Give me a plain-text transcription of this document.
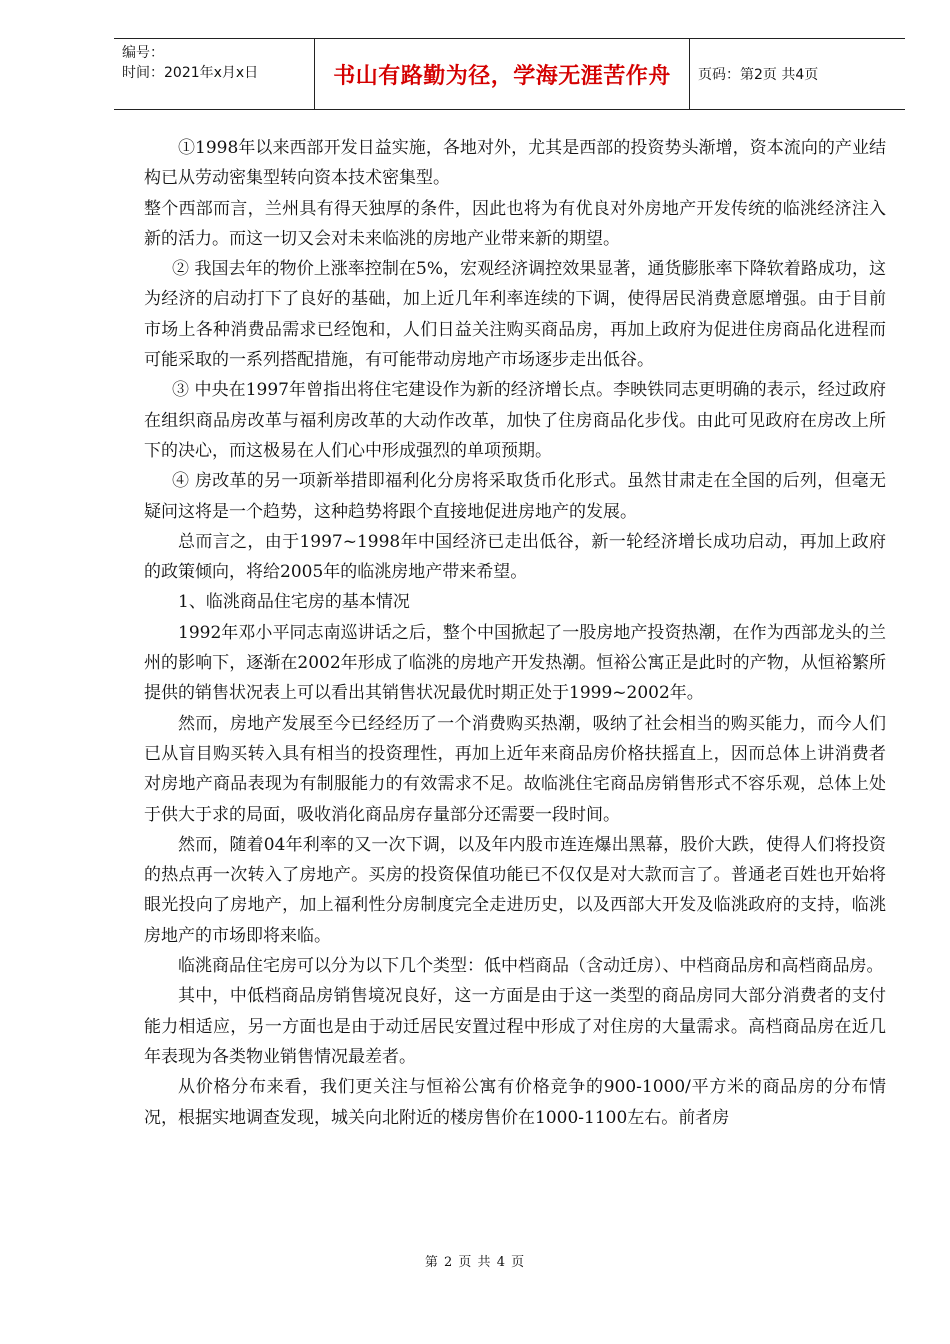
编号：
时间：2021年x月x日	书山有路勤为径，学海无涯苦作舟 页码：第2页 共4页

①1998年以来西部开发日益实施，各地对外，尤其是西部的投资势头渐增，资本流向的产业结构已从劳动密集型转向资本技术密集型。

整个西部而言，兰州具有得天独厚的条件，因此也将为有优良对外房地产开发传统的临洮经济注入新的活力。而这一切又会对未来临洮的房地产业带来新的期望。

② 我国去年的物价上涨率控制在5%，宏观经济调控效果显著，通货膨胀率下降软着路成功，这为经济的启动打下了良好的基础，加上近几年利率连续的下调，使得居民消费意愿增强。由于目前市场上各种消费品需求已经饱和，人们日益关注购买商品房，再加上政府为促进住房商品化进程而可能采取的一系列搭配措施，有可能带动房地产市场逐步走出低谷。

③ 中央在1997年曾指出将住宅建设作为新的经济增长点。李映铁同志更明确的表示，经过政府在组织商品房改革与福利房改革的大动作改革，加快了住房商品化步伐。由此可见政府在房改上所下的决心，而这极易在人们心中形成强烈的单项预期。

④ 房改革的另一项新举措即福利化分房将采取货币化形式。虽然甘肃走在全国的后列，但毫无疑问这将是一个趋势，这种趋势将跟个直接地促进房地产的发展。

总而言之，由于1997~1998年中国经济已走出低谷，新一轮经济增长成功启动，再加上政府的政策倾向，将给2005年的临洮房地产带来希望。

1、临洮商品住宅房的基本情况

1992年邓小平同志南巡讲话之后，整个中国掀起了一股房地产投资热潮，在作为西部龙头的兰州的影响下，逐渐在2002年形成了临洮的房地产开发热潮。恒裕公寓正是此时的产物，从恒裕繁所提供的销售状况表上可以看出其销售状况最优时期正处于1999~2002年。

然而，房地产发展至今已经经历了一个消费购买热潮，吸纳了社会相当的购买能力，而今人们已从盲目购买转入具有相当的投资理性，再加上近年来商品房价格扶摇直上，因而总体上讲消费者对房地产商品表现为有制服能力的有效需求不足。故临洮住宅商品房销售形式不容乐观，总体上处于供大于求的局面，吸收消化商品房存量部分还需要一段时间。

然而，随着04年利率的又一次下调，以及年内股市连连爆出黑幕，股价大跌，使得人们将投资的热点再一次转入了房地产。买房的投资保值功能已不仅仅是对大款而言了。普通老百姓也开始将眼光投向了房地产，加上福利性分房制度完全走进历史，以及西部大开发及临洮政府的支持，临洮房地产的市场即将来临。

临洮商品住宅房可以分为以下几个类型：低中档商品（含动迁房）、中档商品房和高档商品房。

其中，中低档商品房销售境况良好，这一方面是由于这一类型的商品房同大部分消费者的支付能力相适应，另一方面也是由于动迁居民安置过程中形成了对住房的大量需求。高档商品房在近几年表现为各类物业销售情况最差者。

从价格分布来看，我们更关注与恒裕公寓有价格竞争的900-1000/平方米的商品房的分布情况，根据实地调查发现，城关向北附近的楼房售价在1000-1100左右。前者房

第 2 页 共 4 页
